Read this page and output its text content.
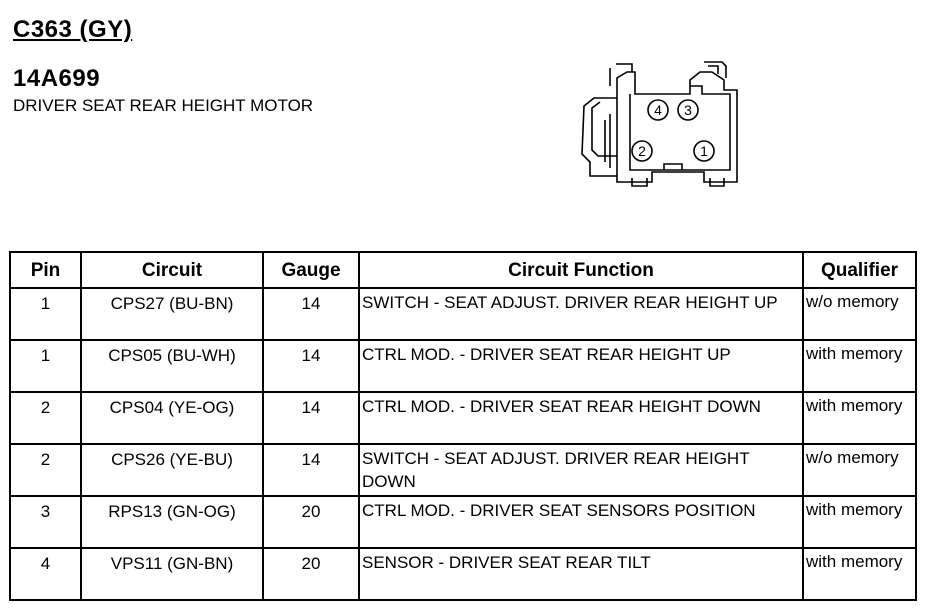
C363 (GY)
14A699
DRIVER SEAT REAR HEIGHT MOTOR	4 3
2	1
Pin	Circuit	Gauge	Circuit Function	Qualifier
1	CPS27 (BU-BN)	14	SWITCH - SEAT ADJUST. DRIVER REAR HEIGHT UP	w/o memory
1	CPS05 (BU-WH)	14	CTRL MOD. - DRIVER SEAT REAR HEIGHT UP	with memory
2	CPS04 (YE-OG)	14	CTRL MOD. - DRIVER SEAT REAR HEIGHT DOWN	with memory
2	CPS26 (YE-BU)	14	SWITCH - SEAT ADJUST. DRIVER REAR HEIGHT DOWN	w/o memory
3	RPS13 (GN-OG)	20	CTRL MOD. - DRIVER SEAT SENSORS POSITION	with memory
4	VPS11 (GN-BN)	20	SENSOR - DRIVER SEAT REAR TILT	with memory
